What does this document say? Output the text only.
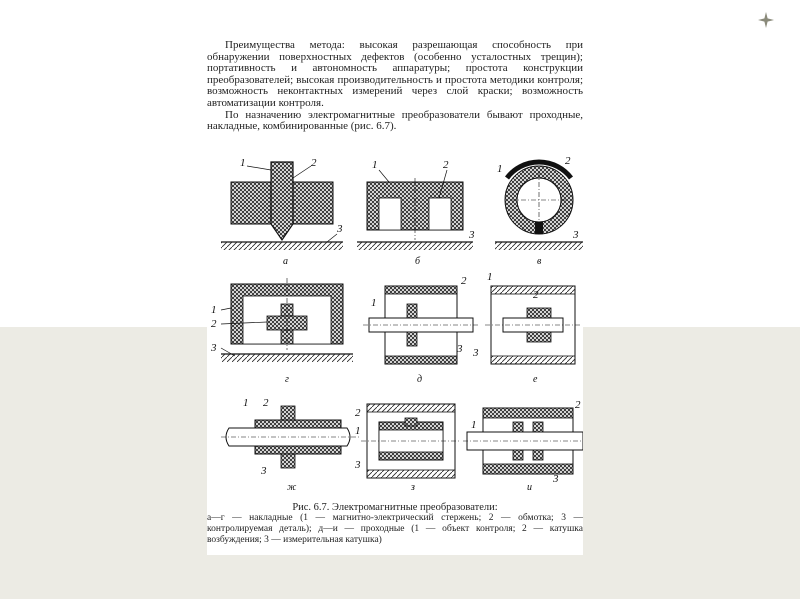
Преимущества метода: высокая разрешающая способность при обнаружении поверхностных дефектов (особенно усталостных трещин); портативность и автономность аппаратуры; простота конструкции преобразователей; высокая производительность и простота методики контроля; возможность неконтактных измерений через слой краски; возможность автоматизации контроля.

По назначению электромагнитные преобразователи бывают проходные, накладные, комбинированные (рис. 6.7).

1	2
3
а
1	2
3
б
1
2
3
в
1
2
3
г
1
2
3
д
1
2
3
е
1 2
3
ж
2
1
3
з
2
1
3
и
Рис. 6.7. Электромагнитные преобразователи:
а—г — накладные (1 — магнитно-электрический стержень; 2 — обмотка; 3 — контролируемая деталь); д—и — проходные (1 — объект контроля; 2 — катушка возбуждения; 3 — измерительная катушка)
